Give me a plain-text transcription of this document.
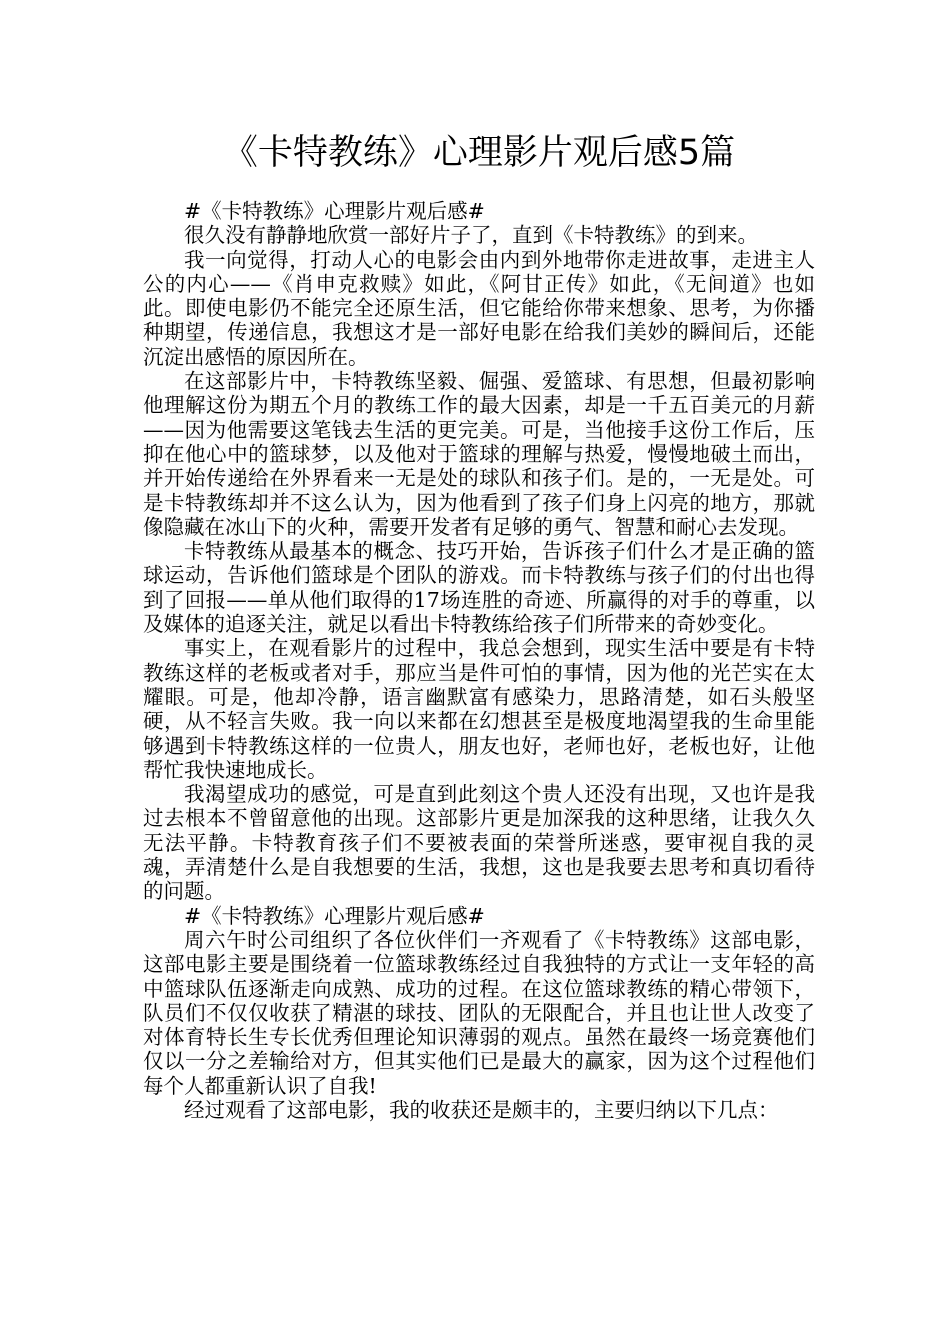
《卡特教练》心理影片观后感5篇

#《卡特教练》心理影片观后感#

很久没有静静地欣赏一部好片子了，直到《卡特教练》的到来。

我一向觉得，打动人心的电影会由内到外地带你走进故事，走进主人公的内心——《肖申克救赎》如此，《阿甘正传》如此，《无间道》也如此。即使电影仍不能完全还原生活，但它能给你带来想象、思考，为你播种期望，传递信息，我想这才是一部好电影在给我们美妙的瞬间后，还能沉淀出感悟的原因所在。

在这部影片中，卡特教练坚毅、倔强、爱篮球、有思想，但最初影响他理解这份为期五个月的教练工作的最大因素，却是一千五百美元的月薪——因为他需要这笔钱去生活的更完美。可是，当他接手这份工作后，压抑在他心中的篮球梦，以及他对于篮球的理解与热爱，慢慢地破土而出，并开始传递给在外界看来一无是处的球队和孩子们。是的，一无是处。可是卡特教练却并不这么认为，因为他看到了孩子们身上闪亮的地方，那就像隐藏在冰山下的火种，需要开发者有足够的勇气、智慧和耐心去发现。

卡特教练从最基本的概念、技巧开始，告诉孩子们什么才是正确的篮球运动，告诉他们篮球是个团队的游戏。而卡特教练与孩子们的付出也得到了回报——单从他们取得的17场连胜的奇迹、所赢得的对手的尊重，以及媒体的追逐关注，就足以看出卡特教练给孩子们所带来的奇妙变化。

事实上，在观看影片的过程中，我总会想到，现实生活中要是有卡特教练这样的老板或者对手，那应当是件可怕的事情，因为他的光芒实在太耀眼。可是，他却冷静，语言幽默富有感染力，思路清楚，如石头般坚硬，从不轻言失败。我一向以来都在幻想甚至是极度地渴望我的生命里能够遇到卡特教练这样的一位贵人，朋友也好，老师也好，老板也好，让他帮忙我快速地成长。

我渴望成功的感觉，可是直到此刻这个贵人还没有出现，又也许是我过去根本不曾留意他的出现。这部影片更是加深我的这种思绪，让我久久无法平静。卡特教育孩子们不要被表面的荣誉所迷惑，要审视自我的灵魂，弄清楚什么是自我想要的生活，我想，这也是我要去思考和真切看待的问题。

#《卡特教练》心理影片观后感#

周六午时公司组织了各位伙伴们一齐观看了《卡特教练》这部电影，这部电影主要是围绕着一位篮球教练经过自我独特的方式让一支年轻的高中篮球队伍逐渐走向成熟、成功的过程。在这位篮球教练的精心带领下，队员们不仅仅收获了精湛的球技、团队的无限配合，并且也让世人改变了对体育特长生专长优秀但理论知识薄弱的观点。虽然在最终一场竞赛他们仅以一分之差输给对方，但其实他们已是最大的赢家，因为这个过程他们每个人都重新认识了自我!

经过观看了这部电影，我的收获还是颇丰的，主要归纳以下几点：
